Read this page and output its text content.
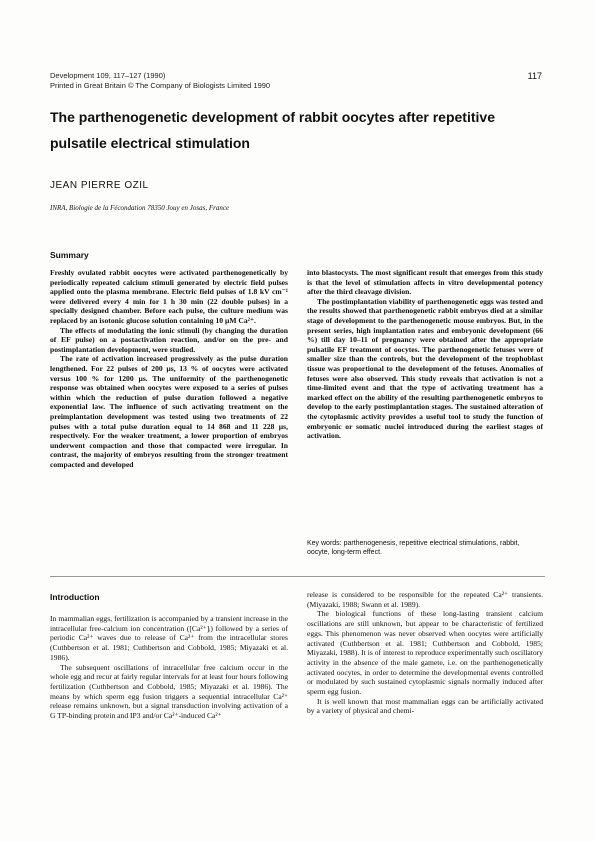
Development 109, 117–127 (1990)
Printed in Great Britain © The Company of Biologists Limited 1990
117
The parthenogenetic development of rabbit oocytes after repetitive pulsatile electrical stimulation
JEAN PIERRE OZIL
INRA, Biologie de la Fécondation 78350 Jouy en Josas, France
Summary

Freshly ovulated rabbit oocytes were activated parthenogenetically by periodically repeated calcium stimuli generated by electric field pulses applied onto the plasma membrane. Electric field pulses of 1.8 kV cm⁻¹ were delivered every 4 min for 1 h 30 min (22 double pulses) in a specially designed chamber. Before each pulse, the culture medium was replaced by an isotonic glucose solution containing 10 µM Ca²⁺.

The effects of modulating the ionic stimuli (by changing the duration of EF pulse) on a postactivation reaction, and/or on the pre- and postimplantation development, were studied.

The rate of activation increased progressively as the pulse duration lengthened. For 22 pulses of 200 µs, 13 % of oocytes were activated versus 100 % for 1200 µs. The uniformity of the parthenogenetic response was obtained when oocytes were exposed to a series of pulses within which the reduction of pulse duration followed a negative exponential law. The influence of such activating treatment on the preimplantation development was tested using two treatments of 22 pulses with a total pulse duration equal to 14 868 and 11 228 µs, respectively. For the weaker treatment, a lower proportion of embryos underwent compaction and those that compacted were irregular. In contrast, the majority of embryos resulting from the stronger treatment compacted and developed

into blastocysts. The most significant result that emerges from this study is that the level of stimulation affects in vitro developmental potency after the third cleavage division.

The postimplantation viability of parthenogenetic eggs was tested and the results showed that parthenogenetic rabbit embryos died at a similar stage of development to the parthenogenetic mouse embryos. But, in the present series, high implantation rates and embryonic development (66 %) till day 10–11 of pregnancy were obtained after the appropriate pulsatile EF treatment of oocytes. The parthenogenetic fetuses were of smaller size than the controls, but the development of the trophoblast tissue was proportional to the development of the fetuses. Anomalies of fetuses were also observed. This study reveals that activation is not a time-limited event and that the type of activating treatment has a marked effect on the ability of the resulting parthenogenetic embryos to develop to the early postimplantation stages. The sustained alteration of the cytoplasmic activity provides a useful tool to study the function of embryonic or somatic nuclei introduced during the earliest stages of activation.

Key words: parthenogenesis, repetitive electrical stimulations, rabbit, oocyte, long-term effect.
Introduction

In mammalian eggs, fertilization is accompanied by a transient increase in the intracellular free-calcium ion concentration ([Ca²⁺]ᵢ) followed by a series of periodic Ca²⁺ waves due to release of Ca²⁺ from the intracellular stores (Cuthbertson et al. 1981; Cuthbertson and Cobbold, 1985; Miyazaki et al. 1986).

The subsequent oscillations of intracellular free calcium occur in the whole egg and recur at fairly regular intervals for at least four hours following fertilization (Cuthbertson and Cobbold, 1985; Miyazaki et al. 1986). The means by which sperm egg fusion triggers a sequential intracellular Ca²⁺ release remains unknown, but a signal transduction involving activation of a G TP-binding protein and IP3 and/or Ca²⁺-induced Ca²⁺

release is considered to be responsible for the repeated Ca²⁺ transients. (Miyazaki, 1988; Swann et al. 1989).

The biological functions of these long-lasting transient calcium oscillations are still unknown, but appear to be characteristic of fertilized eggs. This phenomenon was never observed when oocytes were artificially activated (Cuthbertson et al. 1981; Cuthbertson and Cobbold, 1985; Miyazaki, 1988). It is of interest to reproduce experimentally such oscillatory activity in the absence of the male gamete, i.e. on the parthenogenetically activated oocytes, in order to determine the developmental events controlled or modulated by such sustained cytoplasmic signals normally induced after sperm egg fusion.

It is well known that most mammalian eggs can be artificially activated by a variety of physical and chemi-
